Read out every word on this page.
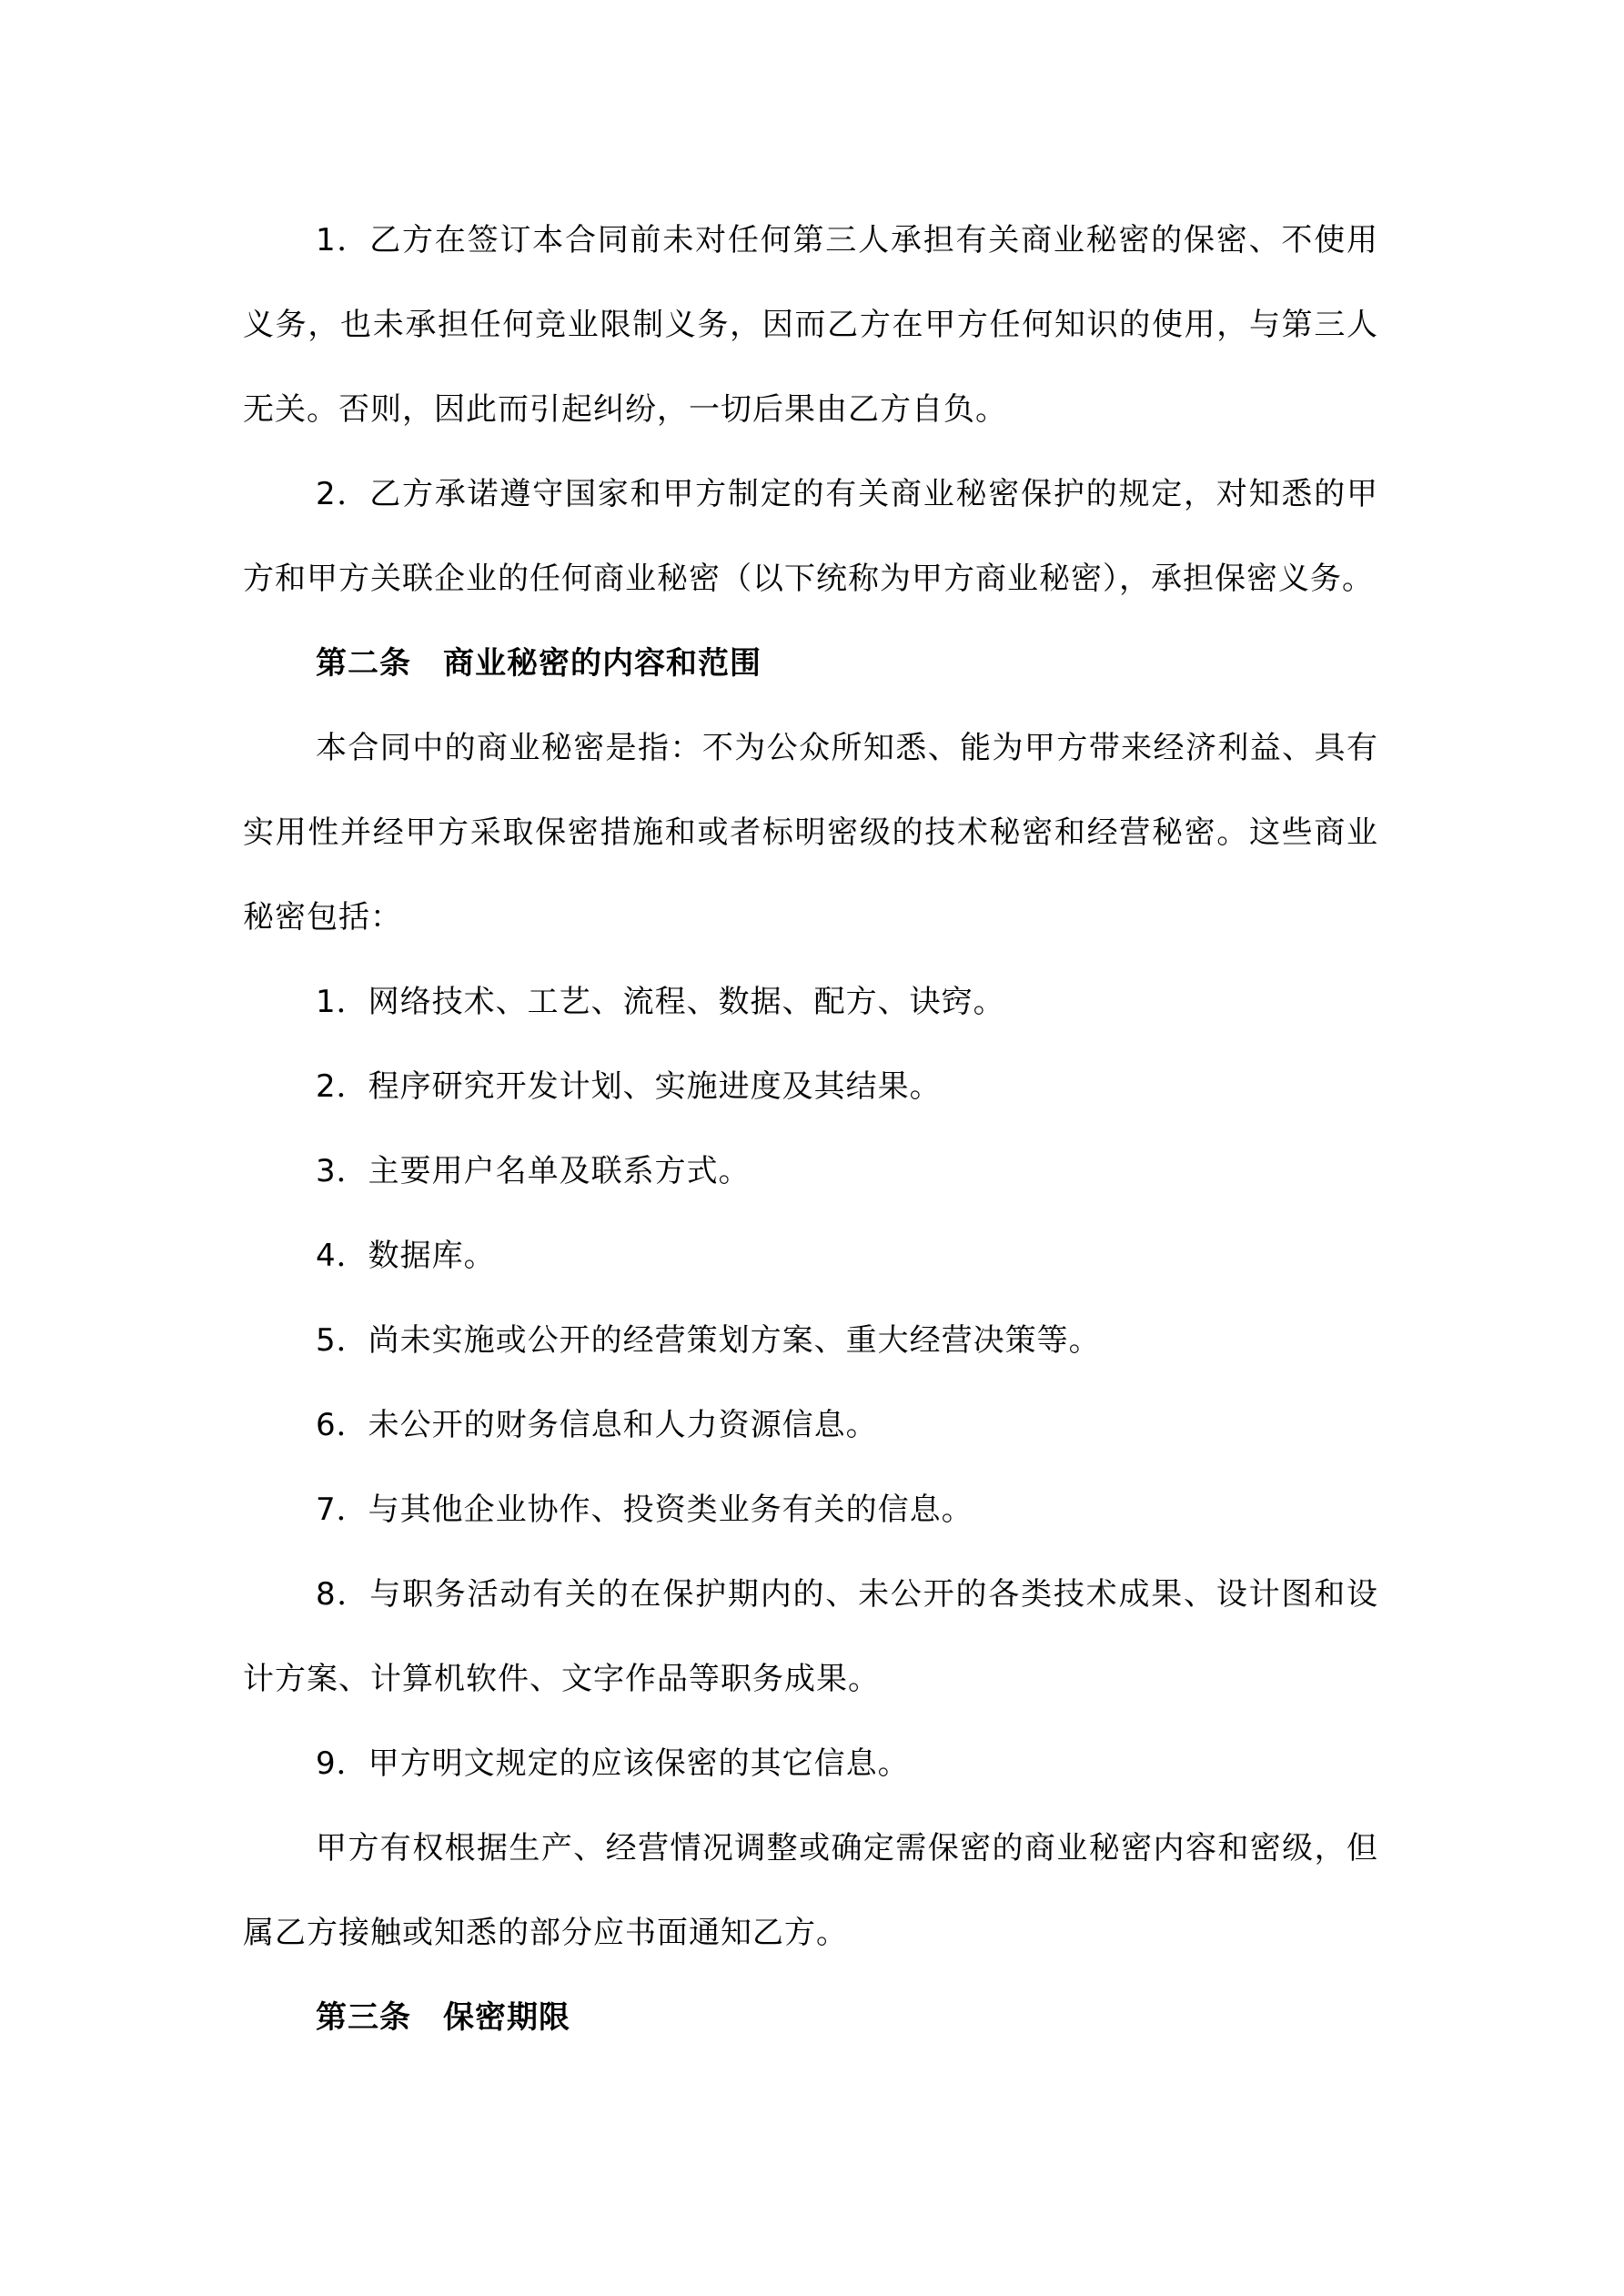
1．乙方在签订本合同前未对任何第三人承担有关商业秘密的保密、不使用

义务，也未承担任何竞业限制义务，因而乙方在甲方任何知识的使用，与第三人

无关。否则，因此而引起纠纷，一切后果由乙方自负。

2．乙方承诺遵守国家和甲方制定的有关商业秘密保护的规定，对知悉的甲

方和甲方关联企业的任何商业秘密（以下统称为甲方商业秘密），承担保密义务。

第二条　商业秘密的内容和范围

本合同中的商业秘密是指：不为公众所知悉、能为甲方带来经济利益、具有

实用性并经甲方采取保密措施和或者标明密级的技术秘密和经营秘密。这些商业

秘密包括：

1．网络技术、工艺、流程、数据、配方、诀窍。

2．程序研究开发计划、实施进度及其结果。

3．主要用户名单及联系方式。

4．数据库。

5．尚未实施或公开的经营策划方案、重大经营决策等。

6．未公开的财务信息和人力资源信息。

7．与其他企业协作、投资类业务有关的信息。

8．与职务活动有关的在保护期内的、未公开的各类技术成果、设计图和设

计方案、计算机软件、文字作品等职务成果。

9．甲方明文规定的应该保密的其它信息。

甲方有权根据生产、经营情况调整或确定需保密的商业秘密内容和密级，但

属乙方接触或知悉的部分应书面通知乙方。

第三条　保密期限
